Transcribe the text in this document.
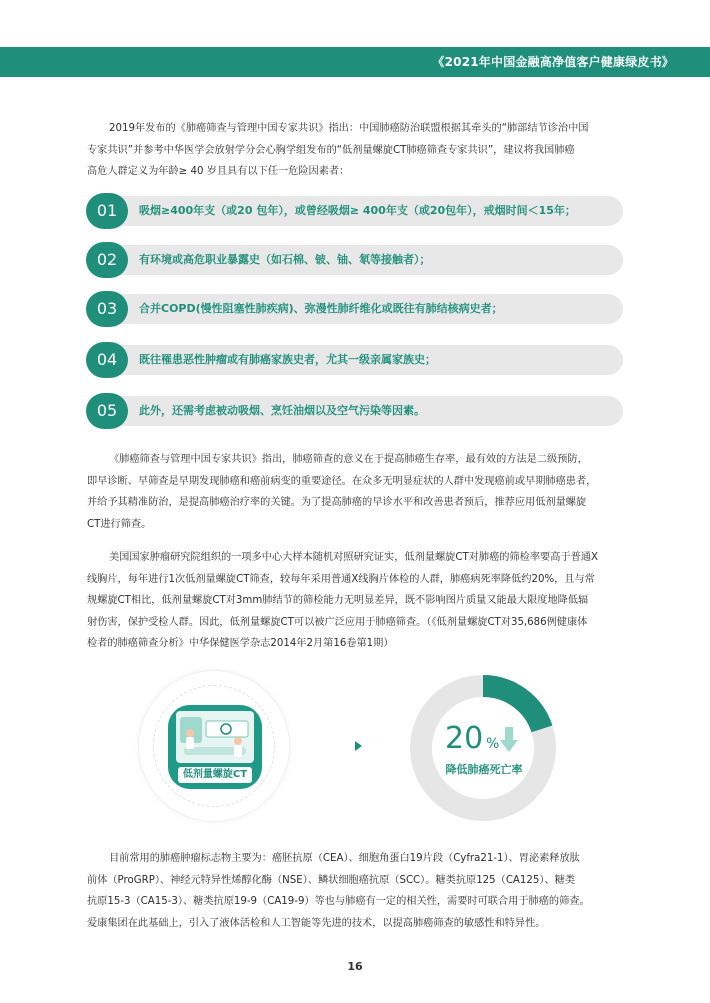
《2021年中国金融高净值客户健康绿皮书》
2019年发布的《肺癌筛查与管理中国专家共识》指出：中国肺癌防治联盟根据其牵头的“肺部结节诊治中国
专家共识”并参考中华医学会放射学分会心胸学组发布的“低剂量螺旋CT肺癌筛查专家共识”，建议将我国肺癌
高危人群定义为年龄≥ 40 岁且具有以下任一危险因素者：
01	吸烟≥400年支（或20 包年），或曾经吸烟≥ 400年支（或20包年），戒烟时间＜15年；
02	有环境或高危职业暴露史（如石棉、铍、铀、氡等接触者）；
03	合并COPD(慢性阻塞性肺疾病)、弥漫性肺纤维化或既往有肺结核病史者；
04	既往罹患恶性肿瘤或有肺癌家族史者，尤其一级亲属家族史；
05	此外，还需考虑被动吸烟、烹饪油烟以及空气污染等因素。
《肺癌筛查与管理中国专家共识》指出，肺癌筛查的意义在于提高肺癌生存率，最有效的方法是二级预防，
即早诊断、早筛查是早期发现肺癌和癌前病变的重要途径。在众多无明显症状的人群中发现癌前或早期肺癌患者，
并给予其精准防治，是提高肺癌治疗率的关键。为了提高肺癌的早诊水平和改善患者预后，推荐应用低剂量螺旋
CT进行筛查。
美国国家肿瘤研究院组织的一项多中心大样本随机对照研究证实，低剂量螺旋CT对肺癌的筛检率要高于普通X
线胸片，每年进行1次低剂量螺旋CT筛查，较每年采用普通X线胸片体检的人群，肺癌病死率降低约20%，且与常
规螺旋CT相比，低剂量螺旋CT对3mm肺结节的筛检能力无明显差异，既不影响图片质量又能最大限度地降低辐
射伤害，保护受检人群。因此，低剂量螺旋CT可以被广泛应用于肺癌筛查。（《低剂量螺旋CT对35,686例健康体
检者的肺癌筛查分析》中华保健医学杂志2014年2月第16卷第1期）
低剂量螺旋CT
20 %
降低肺癌死亡率
目前常用的肺癌肿瘤标志物主要为：癌胚抗原（CEA）、细胞角蛋白19片段（Cyfra21-1）、胃泌素释放肽
前体（ProGRP）、神经元特异性烯醇化酶（NSE）、鳞状细胞癌抗原（SCC）。糖类抗原125（CA125）、糖类
抗原15-3（CA15-3）、糖类抗原19-9（CA19-9）等也与肺癌有一定的相关性，需要时可联合用于肺癌的筛查。
爱康集团在此基础上，引入了液体活检和人工智能等先进的技术，以提高肺癌筛查的敏感性和特异性。
16
